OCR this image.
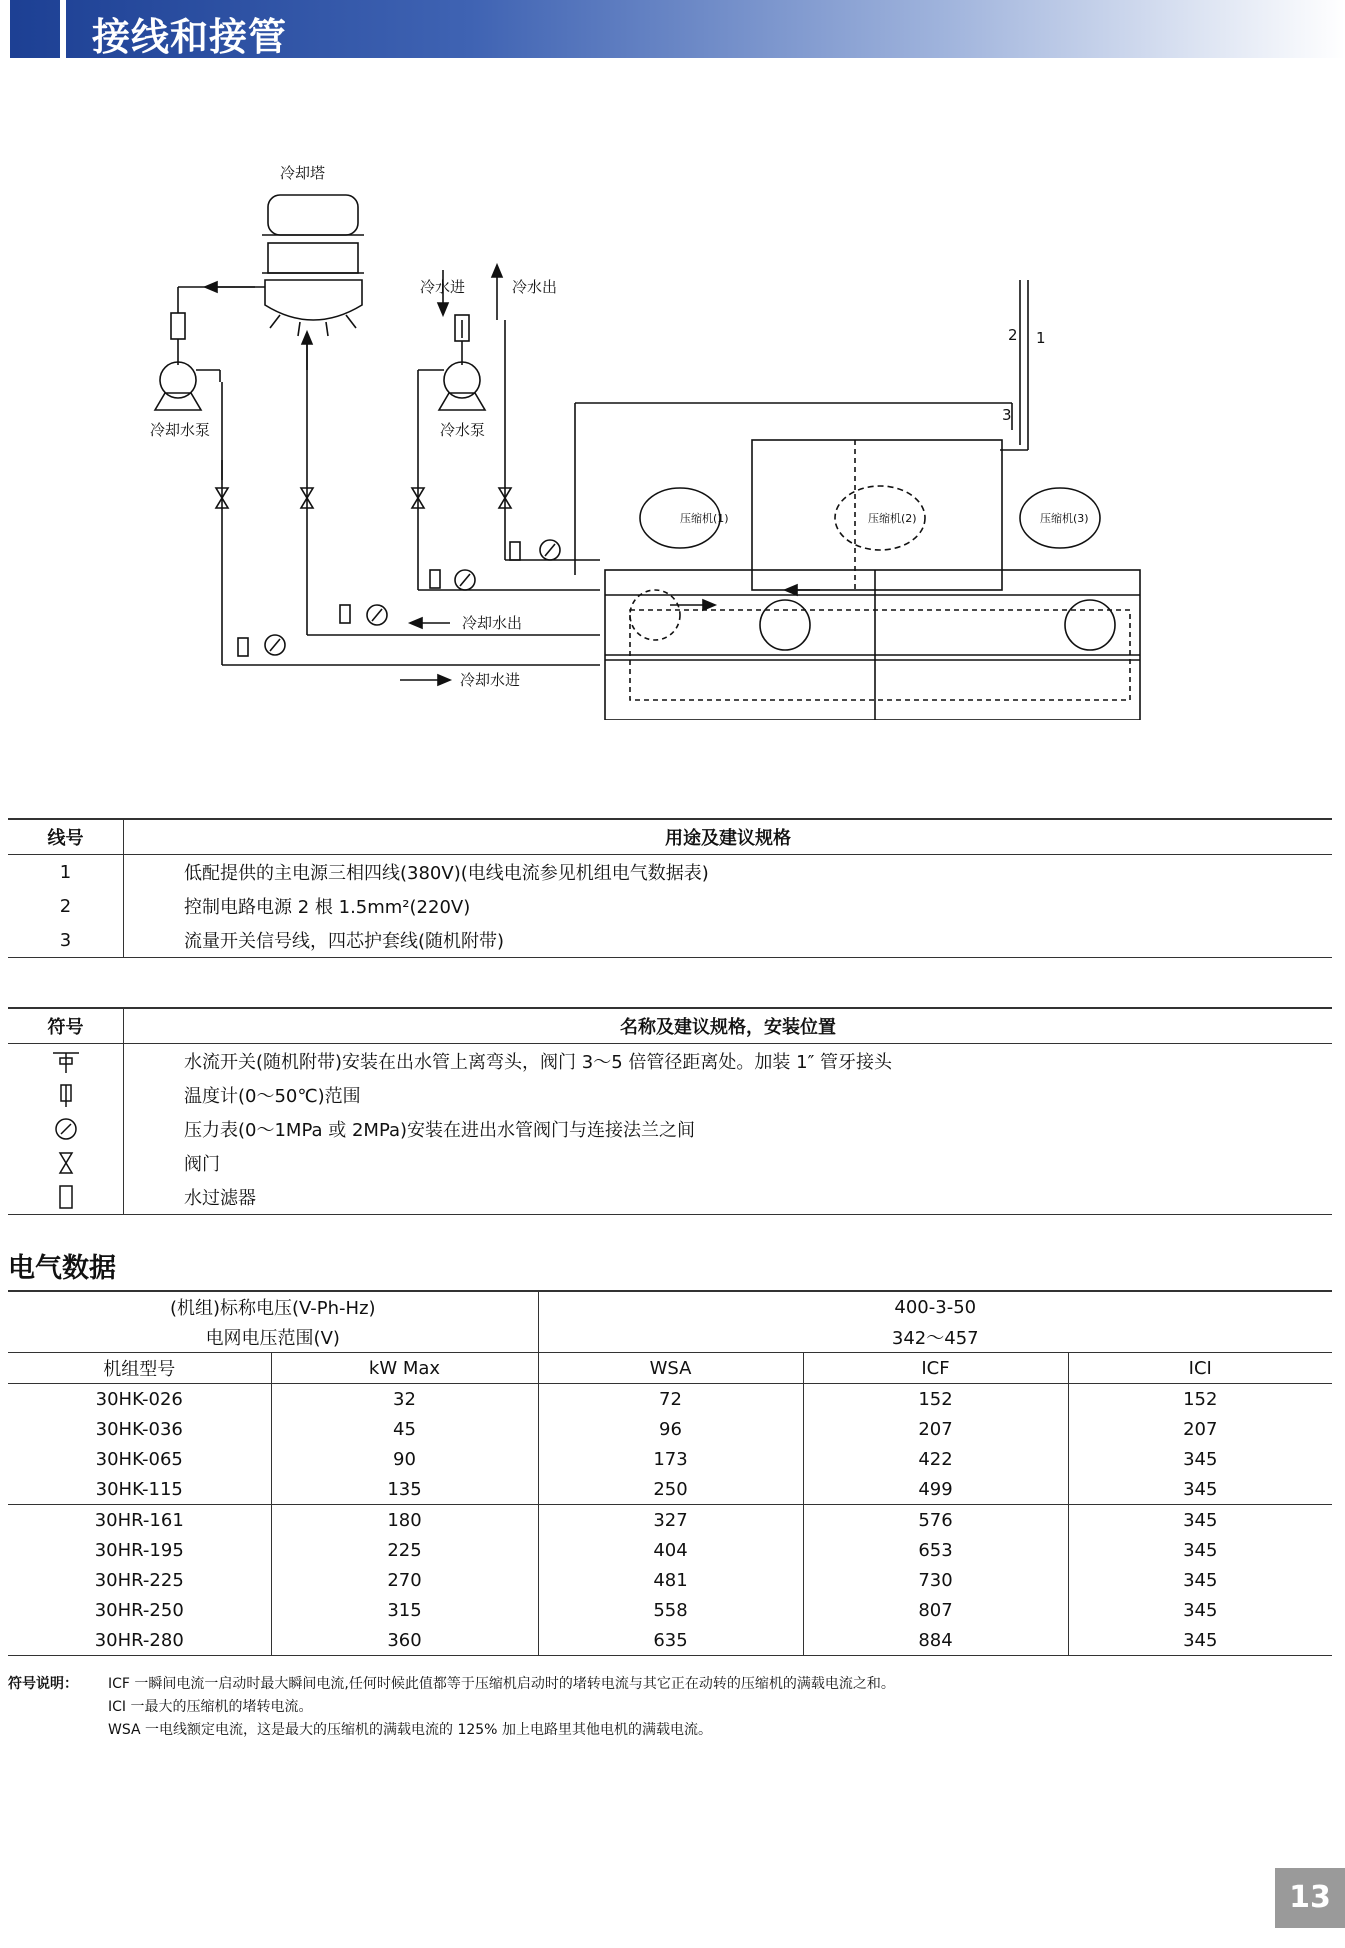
接线和接管
冷却塔
冷水进	冷水出
冷却水泵	冷水泵
冷却水出
冷却水进
1
2
3
压缩机(1)	压缩机(2)	压缩机(3)
线号	用途及建议规格
1	低配提供的主电源三相四线(380V)(电线电流参见机组电气数据表)
2	控制电路电源 2 根 1.5mm²(220V)
3	流量开关信号线，四芯护套线(随机附带)
符号	名称及建议规格，安装位置

	水流开关(随机附带)安装在出水管上离弯头，阀门 3～5 倍管径距离处。加装 1″ 管牙接头

	温度计(0～50℃)范围

	压力表(0～1MPa 或 2MPa)安装在进出水管阀门与连接法兰之间

	阀门

	水过滤器
电气数据
(机组)标称电压(V-Ph-Hz)		400-3-50		
电网电压范围(V)		342～457		
机组型号	kW Max	WSA	ICF	ICI
30HK-026	32	72	152	152
30HK-036	45	96	207	207
30HK-065	90	173	422	345
30HK-115	135	250	499	345
30HR-161	180	327	576	345
30HR-195	225	404	653	345
30HR-225	270	481	730	345
30HR-250	315	558	807	345
30HR-280	360	635	884	345
符号说明：	ICF 一瞬间电流一启动时最大瞬间电流,任何时候此值都等于压缩机启动时的堵转电流与其它正在动转的压缩机的满载电流之和。
ICI 一最大的压缩机的堵转电流。
WSA 一电线额定电流，这是最大的压缩机的满载电流的 125% 加上电路里其他电机的满载电流。
13
